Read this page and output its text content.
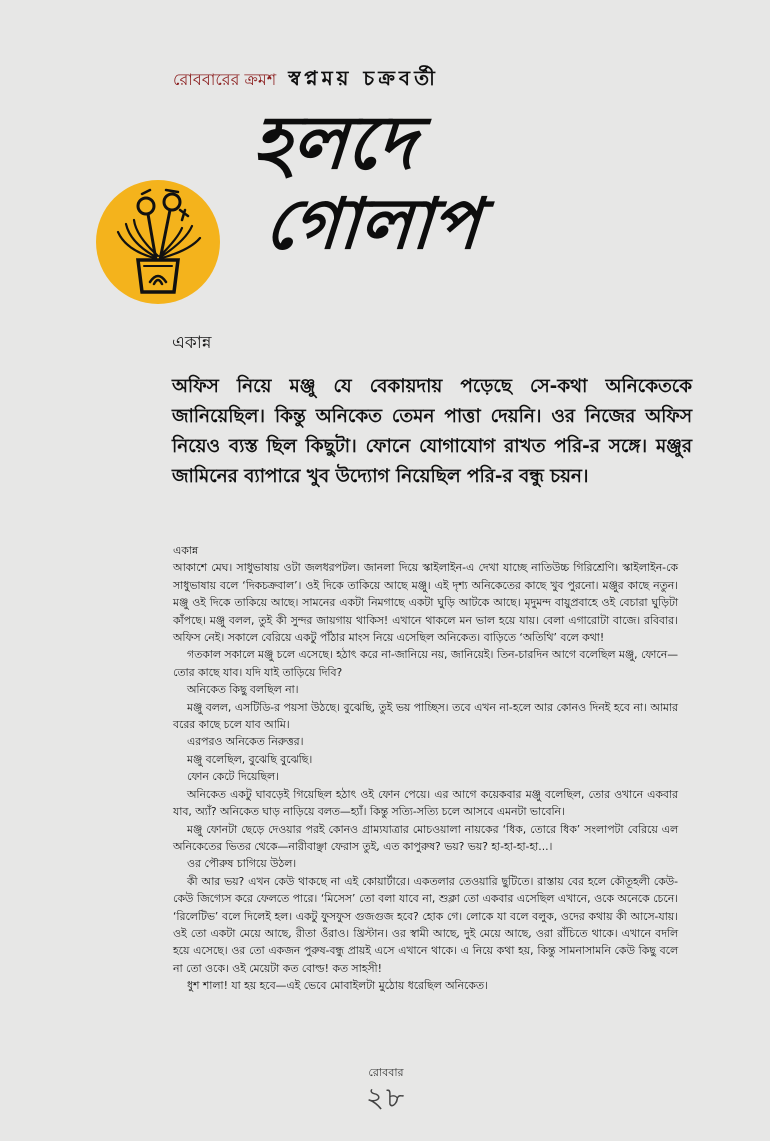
রোববারের ক্রমশ স্বপ্নময় চক্রবর্তী
হলদে
গোলাপ
একান্ন
অফিস নিয়ে মঞ্জু যে বেকায়দায় পড়েছে সে-কথা অনিকেতকে জানিয়েছিল। কিন্তু অনিকেত তেমন পাত্তা দেয়নি। ওর নিজের অফিস নিয়েও ব্যস্ত ছিল কিছুটা। ফোনে যোগাযোগ রাখত পরি-র সঙ্গে। মঞ্জুর জামিনের ব্যাপারে খুব উদ্যোগ নিয়েছিল পরি-র বন্ধু চয়ন।

একান্ন

আকাশে মেঘ। সাধুভাষায় ওটা জলধরপটল। জানলা দিয়ে স্কাইলাইন-এ দেখা যাচ্ছে নাতিউচ্চ গিরিশ্রেণি। স্কাইলাইন-কে সাধুভাষায় বলে ‘দিকচক্রবাল’। ওই দিকে তাকিয়ে আছে মঞ্জু। এই দৃশ্য অনিকেতের কাছে খুব পুরনো। মঞ্জুর কাছে নতুন। মঞ্জু ওই দিকে তাকিয়ে আছে। সামনের একটা নিমগাছে একটা ঘুড়ি আটকে আছে। মৃদুমন্দ বায়ুপ্রবাহে ওই বেচারা ঘুড়িটা কাঁপছে। মঞ্জু বলল, তুই কী সুন্দর জায়গায় থাকিস! এখানে থাকলে মন ভাল হয়ে যায়। বেলা এগারোটা বাজে। রবিবার। অফিস নেই। সকালে বেরিয়ে একটু পাঁঠার মাংস নিয়ে এসেছিল অনিকেত। বাড়িতে ‘অতিথি’ বলে কথা!

গতকাল সকালে মঞ্জু চলে এসেছে। হঠাৎ করে না-জানিয়ে নয়, জানিয়েই। তিন-চারদিন আগে বলেছিল মঞ্জু, ফোনে—তোর কাছে যাব। যদি যাই তাড়িয়ে দিবি?

অনিকেত কিছু বলছিল না।

মঞ্জু বলল, এসটিডি-র পয়সা উঠছে। বুঝেছি, তুই ভয় পাচ্ছিস। তবে এখন না-হলে আর কোনও দিনই হবে না। আমার বরের কাছে চলে যাব আমি।

এরপরও অনিকেত নিরুত্তর।

মঞ্জু বলেছিল, বুঝেছি বুঝেছি।

ফোন কেটে দিয়েছিল।

অনিকেত একটু ঘাবড়েই গিয়েছিল হঠাৎ ওই ফোন পেয়ে। এর আগে কয়েকবার মঞ্জু বলেছিল, তোর ওখানে একবার যাব, অ্যাঁ? অনিকেত ঘাড় নাড়িয়ে বলত—হ্যাঁ। কিন্তু সত্যি-সত্যি চলে আসবে এমনটা ভাবেনি।

মঞ্জু ফোনটা ছেড়ে দেওয়ার পরই কোনও গ্রাম্যযাত্রার মোচওয়ালা নায়কের ‘ধিক, তোরে ধিক’ সংলাপটা বেরিয়ে এল অনিকেতের ভিতর থেকে—নারীবাঞ্ছা ফেরাস তুই, এত কাপুরুষ? ভয়? ভয়? হা-হা-হা-হা...।

ওর পৌরুষ চাগিয়ে উঠল।

কী আর ভয়? এখন কেউ থাকছে না এই কোয়ার্টারে। একতলার তেওয়ারি ছুটিতে। রাস্তায় বের হলে কৌতূহলী কেউ-কেউ জিগ্যেস করে ফেলতে পারে। ‘মিসেস’ তো বলা যাবে না, শুক্লা তো একবার এসেছিল এখানে, ওকে অনেকে চেনে। ‘রিলেটিভ’ বলে দিলেই হল। একটু ফুসফুস গুজগুজ হবে? হোক গে। লোকে যা বলে বলুক, ওদের কথায় কী আসে-যায়। ওই তো একটা মেয়ে আছে, রীতা ওঁরাও। খ্রিস্টান। ওর স্বামী আছে, দুই মেয়ে আছে, ওরা রাঁচিতে থাকে। এখানে বদলি হয়ে এসেছে। ওর তো একজন পুরুষ-বন্ধু প্রায়ই এসে এখানে থাকে। এ নিয়ে কথা হয়, কিন্তু সামনাসামনি কেউ কিছু বলে না তো ওকে। ওই মেয়েটা কত বোল্ড! কত সাহসী!

ধুশ শালা! যা হয় হবে—এই ভেবে মোবাইলটা মুঠোয় ধরেছিল অনিকেত।

রোববার
২৮
